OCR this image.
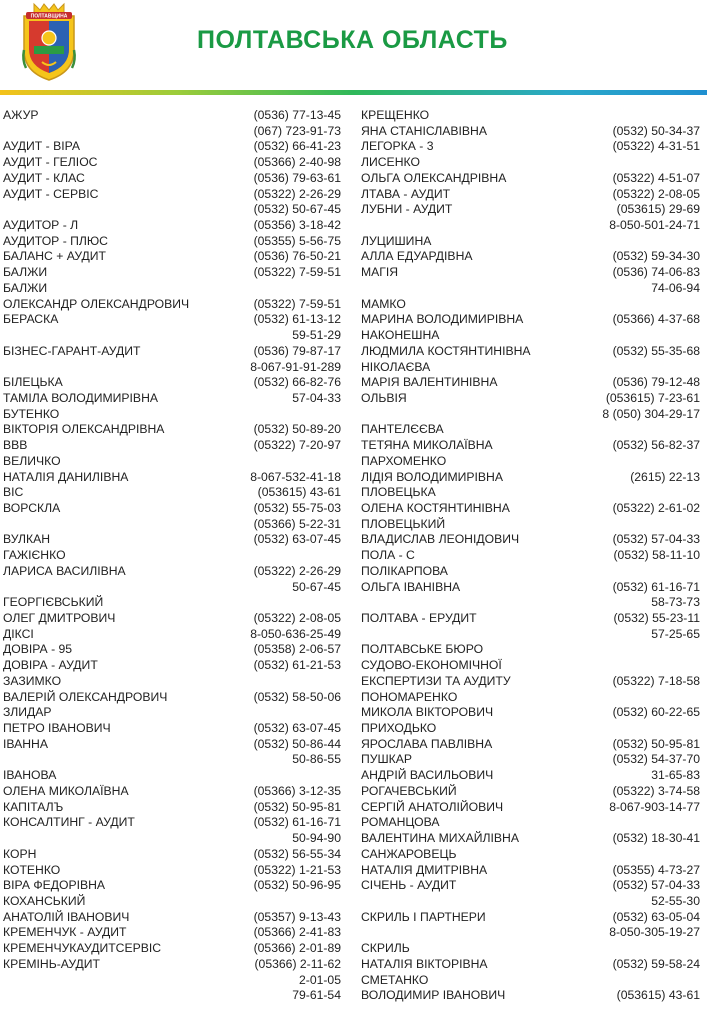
ПОЛТАВЩИНА
ПОЛТАВСЬКА ОБЛАСТЬ
АЖУР	(0536) 77-13-45
(067) 723-91-73
АУДИТ - ВІРА	(0532) 66-41-23
АУДИТ - ГЕЛІОС	(05366) 2-40-98
АУДИТ - КЛАС	(0536) 79-63-61
АУДИТ - СЕРВІС	(05322) 2-26-29
(0532) 50-67-45
АУДИТОР - Л	(05356) 3-18-42
АУДИТОР - ПЛЮС	(05355) 5-56-75
БАЛАНС + АУДИТ	(0536) 76-50-21
БАЛЖИ	(05322) 7-59-51
БАЛЖИ
ОЛЕКСАНДР ОЛЕКСАНДРОВИЧ	(05322) 7-59-51
БЕРАСКА	(0532) 61-13-12
59-51-29
БІЗНЕС-ГАРАНТ-АУДИТ	(0536) 79-87-17
8-067-91-91-289
БІЛЕЦЬКА	(0532) 66-82-76
ТАМІЛА ВОЛОДИМИРІВНА	57-04-33
БУТЕНКО
ВІКТОРІЯ ОЛЕКСАНДРІВНА	(0532) 50-89-20
ВВВ	(05322) 7-20-97
ВЕЛИЧКО
НАТАЛІЯ ДАНИЛІВНА	8-067-532-41-18
ВІС	(053615) 43-61
ВОРСКЛА	(0532) 55-75-03
(05366) 5-22-31
ВУЛКАН	(0532) 63-07-45
ГАЖІЄНКО
ЛАРИСА ВАСИЛІВНА	(05322) 2-26-29
50-67-45
ГЕОРГІЄВСЬКИЙ
ОЛЕГ ДМИТРОВИЧ	(05322) 2-08-05
ДІКСІ	8-050-636-25-49
ДОВІРА - 95	(05358) 2-06-57
ДОВІРА - АУДИТ	(0532) 61-21-53
ЗАЗИМКО
ВАЛЕРІЙ ОЛЕКСАНДРОВИЧ	(0532) 58-50-06
ЗЛИДАР
ПЕТРО ІВАНОВИЧ	(0532) 63-07-45
ІВАННА	(0532) 50-86-44
50-86-55
ІВАНОВА
ОЛЕНА МИКОЛАЇВНА	(05366) 3-12-35
КАПІТАЛЪ	(0532) 50-95-81
КОНСАЛТИНГ - АУДИТ	(0532) 61-16-71
50-94-90
КОРН	(0532) 56-55-34
КОТЕНКО	(05322) 1-21-53
ВІРА ФЕДОРІВНА	(0532) 50-96-95
КОХАНСЬКИЙ
АНАТОЛІЙ ІВАНОВИЧ	(05357) 9-13-43
КРЕМЕНЧУК - АУДИТ	(05366) 2-41-83
КРЕМЕНЧУКАУДИТСЕРВІС	(05366) 2-01-89
КРЕМІНЬ-АУДИТ	(05366) 2-11-62
2-01-05
79-61-54
КРЕЩЕНКО
ЯНА СТАНІСЛАВІВНА	(0532) 50-34-37
ЛЕГОРКА - 3	(05322) 4-31-51
ЛИСЕНКО
ОЛЬГА ОЛЕКСАНДРІВНА	(05322) 4-51-07
ЛТАВА - АУДИТ	(05322) 2-08-05
ЛУБНИ - АУДИТ	(053615) 29-69
8-050-501-24-71
ЛУЦИШИНА
АЛЛА ЕДУАРДІВНА	(0532) 59-34-30
МАГІЯ	(0536) 74-06-83
74-06-94
МАМКО
МАРИНА ВОЛОДИМИРІВНА	(05366) 4-37-68
НАКОНЕШНА
ЛЮДМИЛА КОСТЯНТИНІВНА	(0532) 55-35-68
НІКОЛАЄВА
МАРІЯ ВАЛЕНТИНІВНА	(0536) 79-12-48
ОЛЬВІЯ	(053615) 7-23-61
8 (050) 304-29-17
ПАНТЕЛЄЄВА
ТЕТЯНА МИКОЛАЇВНА	(0532) 56-82-37
ПАРХОМЕНКО
ЛІДІЯ ВОЛОДИМИРІВНА	(2615) 22-13
ПЛОВЕЦЬКА
ОЛЕНА КОСТЯНТИНІВНА	(05322) 2-61-02
ПЛОВЕЦЬКИЙ
ВЛАДИСЛАВ ЛЕОНІДОВИЧ	(0532) 57-04-33
ПОЛА - С	(0532) 58-11-10
ПОЛІКАРПОВА
ОЛЬГА ІВАНІВНА	(0532) 61-16-71
58-73-73
ПОЛТАВА - ЕРУДИТ	(0532) 55-23-11
57-25-65
ПОЛТАВСЬКЕ БЮРО
СУДОВО-ЕКОНОМІЧНОЇ
ЕКСПЕРТИЗИ ТА АУДИТУ	(05322) 7-18-58
ПОНОМАРЕНКО
МИКОЛА ВІКТОРОВИЧ	(0532) 60-22-65
ПРИХОДЬКО
ЯРОСЛАВА ПАВЛІВНА	(0532) 50-95-81
ПУШКАР	(0532) 54-37-70
АНДРІЙ ВАСИЛЬОВИЧ	31-65-83
РОГАЧЕВСЬКИЙ	(05322) 3-74-58
СЕРГІЙ АНАТОЛІЙОВИЧ	8-067-903-14-77
РОМАНЦОВА
ВАЛЕНТИНА МИХАЙЛІВНА	(0532) 18-30-41
САНЖАРОВЕЦЬ
НАТАЛІЯ ДМИТРІВНА	(05355) 4-73-27
СІЧЕНЬ - АУДИТ	(0532) 57-04-33
52-55-30
СКРИЛЬ І ПАРТНЕРИ	(0532) 63-05-04
8-050-305-19-27
СКРИЛЬ
НАТАЛІЯ ВІКТОРІВНА	(0532) 59-58-24
СМЕТАНКО
ВОЛОДИМИР ІВАНОВИЧ	(053615) 43-61
